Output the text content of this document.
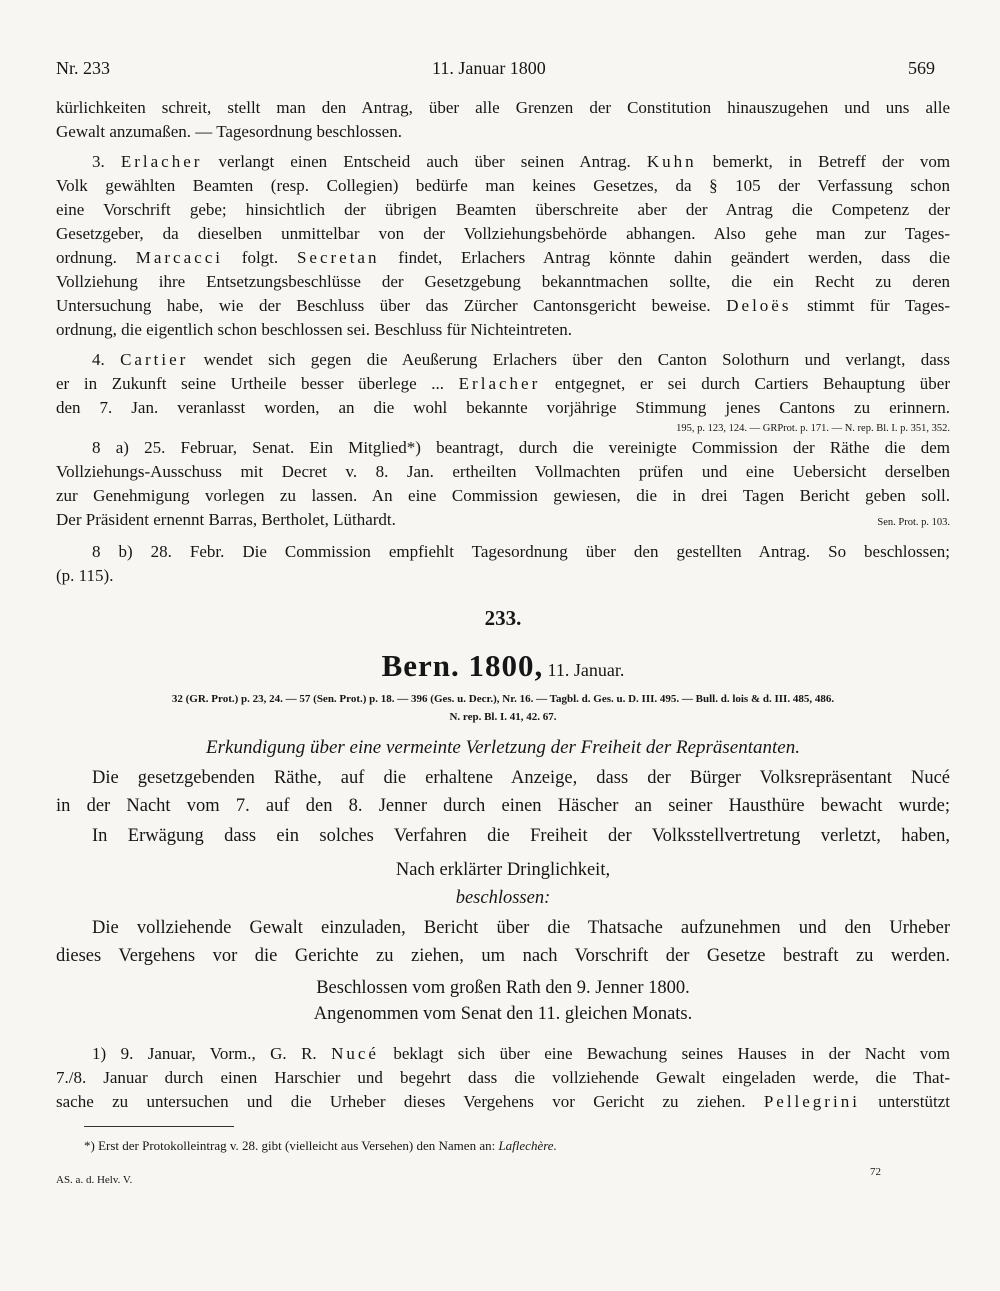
Nr. 233	11. Januar 1800	569
kürlichkeiten schreit, stellt man den Antrag, über alle Grenzen der Constitution hinauszugehen und uns alle
Gewalt anzumaßen. — Tagesordnung beschlossen.
3. Erlacher verlangt einen Entscheid auch über seinen Antrag. Kuhn bemerkt, in Betreff der vom
Volk gewählten Beamten (resp. Collegien) bedürfe man keines Gesetzes, da § 105 der Verfassung schon
eine Vorschrift gebe; hinsichtlich der übrigen Beamten überschreite aber der Antrag die Competenz der
Gesetzgeber, da dieselben unmittelbar von der Vollziehungsbehörde abhangen. Also gehe man zur Tages-
ordnung. Marcacci folgt. Secretan findet, Erlachers Antrag könnte dahin geändert werden, dass die
Vollziehung ihre Entsetzungsbeschlüsse der Gesetzgebung bekanntmachen sollte, die ein Recht zu deren
Untersuchung habe, wie der Beschluss über das Zürcher Cantonsgericht beweise. Deloës stimmt für Tages-
ordnung, die eigentlich schon beschlossen sei. Beschluss für Nichteintreten.
4. Cartier wendet sich gegen die Aeußerung Erlachers über den Canton Solothurn und verlangt, dass
er in Zukunft seine Urtheile besser überlege ... Erlacher entgegnet, er sei durch Cartiers Behauptung über
den 7. Jan. veranlasst worden, an die wohl bekannte vorjährige Stimmung jenes Cantons zu erinnern.
195, p. 123, 124. — GRProt. p. 171. — N. rep. Bl. I. p. 351, 352.
8 a) 25. Februar, Senat. Ein Mitglied*) beantragt, durch die vereinigte Commission der Räthe die dem
Vollziehungs-Ausschuss mit Decret v. 8. Jan. ertheilten Vollmachten prüfen und eine Uebersicht derselben
zur Genehmigung vorlegen zu lassen. An eine Commission gewiesen, die in drei Tagen Bericht geben soll.
Der Präsident ernennt Barras, Bertholet, Lüthardt.	Sen. Prot. p. 103.
8 b) 28. Febr. Die Commission empfiehlt Tagesordnung über den gestellten Antrag. So beschlossen;
(p. 115).
233.
Bern. 1800, 11. Januar.
32 (GR. Prot.) p. 23, 24. — 57 (Sen. Prot.) p. 18. — 396 (Ges. u. Decr.), Nr. 16. — Tagbl. d. Ges. u. D. III. 495. — Bull. d. lois & d. III. 485, 486.
N. rep. Bl. I. 41, 42. 67.
Erkundigung über eine vermeinte Verletzung der Freiheit der Repräsentanten.
Die gesetzgebenden Räthe, auf die erhaltene Anzeige, dass der Bürger Volksrepräsentant Nucé
in der Nacht vom 7. auf den 8. Jenner durch einen Häscher an seiner Hausthüre bewacht wurde;
In Erwägung dass ein solches Verfahren die Freiheit der Volksstellvertretung verletzt, haben,
Nach erklärter Dringlichkeit,
beschlossen:
Die vollziehende Gewalt einzuladen, Bericht über die Thatsache aufzunehmen und den Urheber
dieses Vergehens vor die Gerichte zu ziehen, um nach Vorschrift der Gesetze bestraft zu werden.
Beschlossen vom großen Rath den 9. Jenner 1800.
Angenommen vom Senat den 11. gleichen Monats.
1) 9. Januar, Vorm., G. R. Nucé beklagt sich über eine Bewachung seines Hauses in der Nacht vom
7./8. Januar durch einen Harschier und begehrt dass die vollziehende Gewalt eingeladen werde, die That-
sache zu untersuchen und die Urheber dieses Vergehens vor Gericht zu ziehen. Pellegrini unterstützt
*) Erst der Protokolleintrag v. 28. gibt (vielleicht aus Versehen) den Namen an: Laflechère.
AS. a. d. Helv. V.
72
